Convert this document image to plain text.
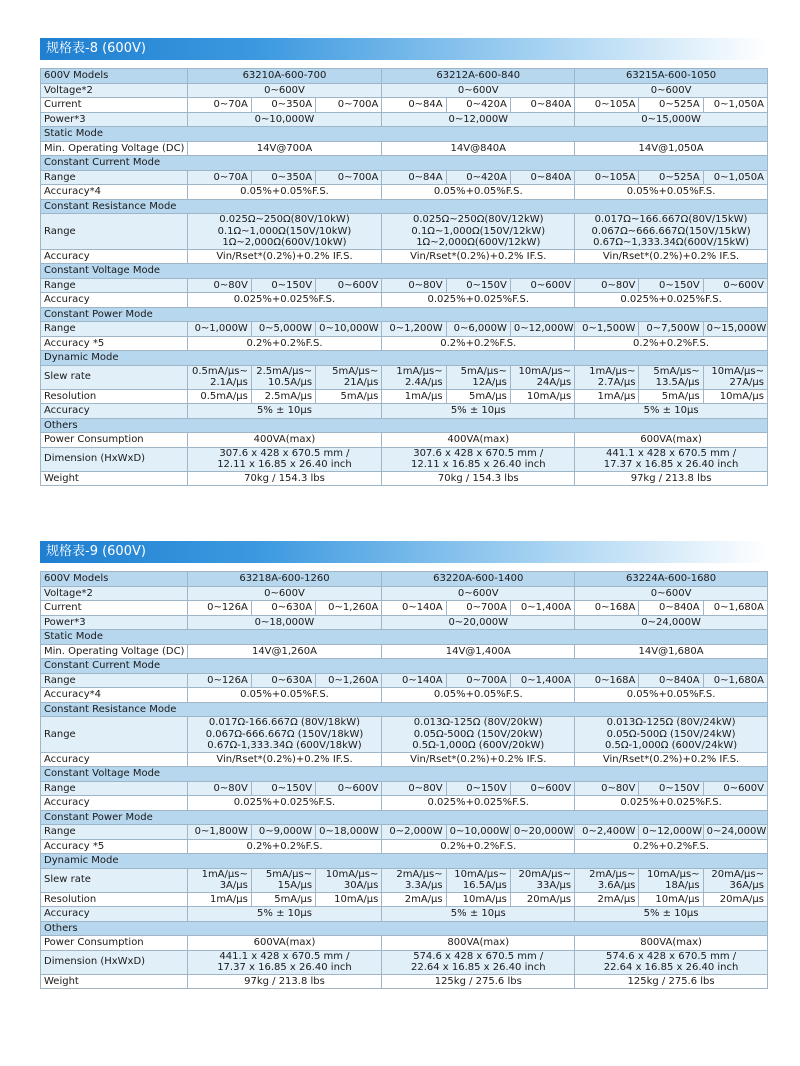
规格表-8 (600V)
600V Models	63210A-600-700			63212A-600-840			63215A-600-1050		
Voltage*2	0~600V			0~600V			0~600V		
Current	0~70A	0~350A	0~700A	0~84A	0~420A	0~840A	0~105A	0~525A	0~1,050A
Power*3	0~10,000W			0~12,000W			0~15,000W		
Static Mode									
Min. Operating Voltage (DC)	14V@700A			14V@840A			14V@1,050A		
Constant Current Mode									
Range	0~70A	0~350A	0~700A	0~84A	0~420A	0~840A	0~105A	0~525A	0~1,050A
Accuracy*4	0.05%+0.05%F.S.			0.05%+0.05%F.S.			0.05%+0.05%F.S.		
Constant Resistance Mode									
Range	0.025Ω~250Ω(80V/10kW)
0.1Ω~1,000Ω(150V/10kW)
1Ω~2,000Ω(600V/10kW)			0.025Ω~250Ω(80V/12kW)
0.1Ω~1,000Ω(150V/12kW)
1Ω~2,000Ω(600V/12kW)			0.017Ω~166.667Ω(80V/15kW)
0.067Ω~666.667Ω(150V/15kW)
0.67Ω~1,333.34Ω(600V/15kW)		

Accuracy	Vin/Rset*(0.2%)+0.2% IF.S.			Vin/Rset*(0.2%)+0.2% IF.S.			Vin/Rset*(0.2%)+0.2% IF.S.		
Constant Voltage Mode									
Range	0~80V	0~150V	0~600V	0~80V	0~150V	0~600V	0~80V	0~150V	0~600V
Accuracy	0.025%+0.025%F.S.			0.025%+0.025%F.S.			0.025%+0.025%F.S.		
Constant Power Mode									
Range	0~1,000W	0~5,000W	0~10,000W	0~1,200W	0~6,000W	0~12,000W	0~1,500W	0~7,500W	0~15,000W
Accuracy *5	0.2%+0.2%F.S.			0.2%+0.2%F.S.			0.2%+0.2%F.S.		
Dynamic Mode									
Slew rate	0.5mA/μs~
2.1A/μs	2.5mA/μs~
10.5A/μs	5mA/μs~
21A/μs	1mA/μs~
2.4A/μs	5mA/μs~
12A/μs	10mA/μs~
24A/μs	1mA/μs~
2.7A/μs	5mA/μs~
13.5A/μs	10mA/μs~
27A/μs

Resolution	0.5mA/μs	2.5mA/μs	5mA/μs	1mA/μs	5mA/μs	10mA/μs	1mA/μs	5mA/μs	10mA/μs
Accuracy	5% ± 10μs			5% ± 10μs			5% ± 10μs		
Others									
Power Consumption	400VA(max)			400VA(max)			600VA(max)		
Dimension (HxWxD)	307.6 x 428 x 670.5 mm /
12.11 x 16.85 x 26.40 inch			307.6 x 428 x 670.5 mm /
12.11 x 16.85 x 26.40 inch			441.1 x 428 x 670.5 mm /
17.37 x 16.85 x 26.40 inch		

Weight	70kg / 154.3 lbs			70kg / 154.3 lbs			97kg / 213.8 lbs		
规格表-9 (600V)
600V Models	63218A-600-1260			63220A-600-1400			63224A-600-1680		
Voltage*2	0~600V			0~600V			0~600V		
Current	0~126A	0~630A	0~1,260A	0~140A	0~700A	0~1,400A	0~168A	0~840A	0~1,680A
Power*3	0~18,000W			0~20,000W			0~24,000W		
Static Mode									
Min. Operating Voltage (DC)	14V@1,260A			14V@1,400A			14V@1,680A		
Constant Current Mode									
Range	0~126A	0~630A	0~1,260A	0~140A	0~700A	0~1,400A	0~168A	0~840A	0~1,680A
Accuracy*4	0.05%+0.05%F.S.			0.05%+0.05%F.S.			0.05%+0.05%F.S.		
Constant Resistance Mode									
Range	0.017Ω-166.667Ω (80V/18kW)
0.067Ω-666.667Ω (150V/18kW)
0.67Ω-1,333.34Ω (600V/18kW)			0.013Ω-125Ω (80V/20kW)
0.05Ω-500Ω (150V/20kW)
0.5Ω-1,000Ω (600V/20kW)			0.013Ω-125Ω (80V/24kW)
0.05Ω-500Ω (150V/24kW)
0.5Ω-1,000Ω (600V/24kW)		

Accuracy	Vin/Rset*(0.2%)+0.2% IF.S.			Vin/Rset*(0.2%)+0.2% IF.S.			Vin/Rset*(0.2%)+0.2% IF.S.		
Constant Voltage Mode									
Range	0~80V	0~150V	0~600V	0~80V	0~150V	0~600V	0~80V	0~150V	0~600V
Accuracy	0.025%+0.025%F.S.			0.025%+0.025%F.S.			0.025%+0.025%F.S.		
Constant Power Mode									
Range	0~1,800W	0~9,000W	0~18,000W	0~2,000W	0~10,000W	0~20,000W	0~2,400W	0~12,000W	0~24,000W
Accuracy *5	0.2%+0.2%F.S.			0.2%+0.2%F.S.			0.2%+0.2%F.S.		
Dynamic Mode									
Slew rate	1mA/μs~
3A/μs	5mA/μs~
15A/μs	10mA/μs~
30A/μs	2mA/μs~
3.3A/μs	10mA/μs~
16.5A/μs	20mA/μs~
33A/μs	2mA/μs~
3.6A/μs	10mA/μs~
18A/μs	20mA/μs~
36A/μs

Resolution	1mA/μs	5mA/μs	10mA/μs	2mA/μs	10mA/μs	20mA/μs	2mA/μs	10mA/μs	20mA/μs
Accuracy	5% ± 10μs			5% ± 10μs			5% ± 10μs		
Others									
Power Consumption	600VA(max)			800VA(max)			800VA(max)		
Dimension (HxWxD)	441.1 x 428 x 670.5 mm /
17.37 x 16.85 x 26.40 inch			574.6 x 428 x 670.5 mm /
22.64 x 16.85 x 26.40 inch			574.6 x 428 x 670.5 mm /
22.64 x 16.85 x 26.40 inch		

Weight	97kg / 213.8 lbs			125kg / 275.6 lbs			125kg / 275.6 lbs		
